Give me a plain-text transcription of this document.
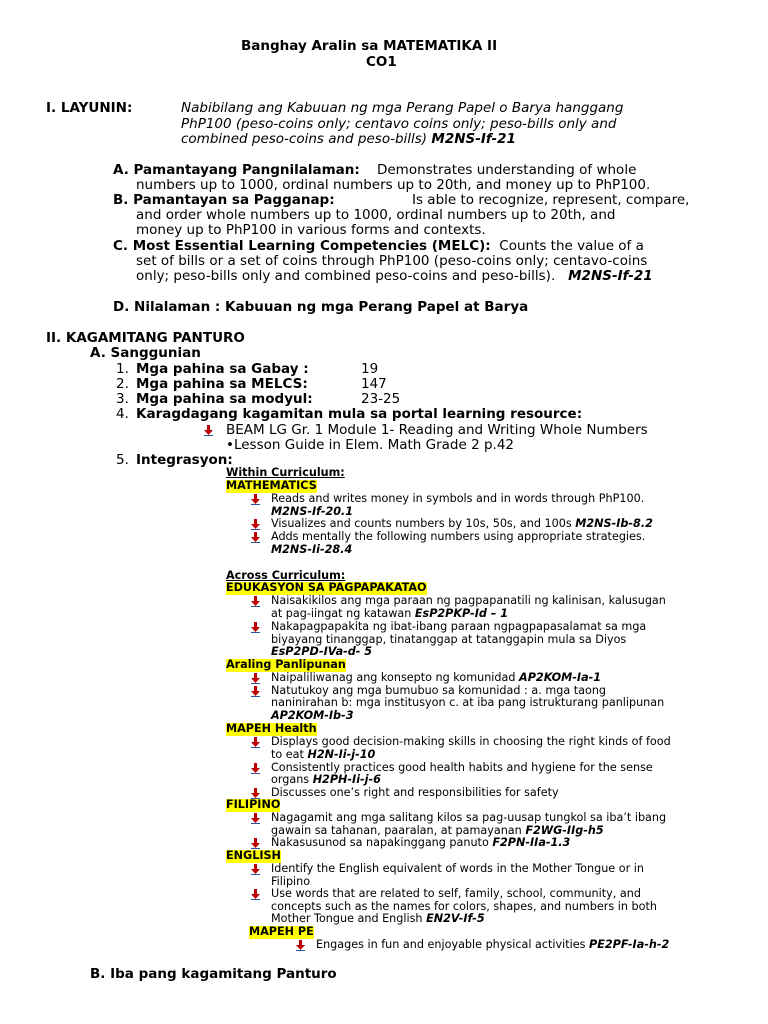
Banghay Aralin sa MATEMATIKA II
CO1
I. LAYUNIN:	Nabibilang ang Kabuuan ng mga Perang Papel o Barya hanggang
PhP100 (peso-coins only; centavo coins only; peso-bills only and
combined peso-coins and peso-bills) M2NS-If-21
A. Pamantayang Pangnilalaman: Demonstrates understanding of whole
numbers up to 1000, ordinal numbers up to 20th, and money up to PhP100.
B. Pamantayan sa Pagganap:	Is able to recognize, represent, compare,
and order whole numbers up to 1000, ordinal numbers up to 20th, and
money up to PhP100 in various forms and contexts.
C. Most Essential Learning Competencies (MELC): Counts the value of a
set of bills or a set of coins through PhP100 (peso-coins only; centavo-coins
only; peso-bills only and combined peso-coins and peso-bills). M2NS-If-21
D. Nilalaman : Kabuuan ng mga Perang Papel at Barya
II. KAGAMITANG PANTURO
A. Sanggunian
1. Mga pahina sa Gabay :	19
2. Mga pahina sa MELCS:	147
3. Mga pahina sa modyul:	23-25
4. Karagdagang kagamitan mula sa portal learning resource:
BEAM LG Gr. 1 Module 1- Reading and Writing Whole Numbers
•Lesson Guide in Elem. Math Grade 2 p.42
5. Integrasyon:
Within Curriculum:
MATHEMATICS
Reads and writes money in symbols and in words through PhP100.
M2NS-If-20.1
Visualizes and counts numbers by 10s, 50s, and 100s M2NS-Ib-8.2
Adds mentally the following numbers using appropriate strategies.
M2NS-Ii-28.4
Across Curriculum:
EDUKASYON SA PAGPAPAKATAO
Naisakikilos ang mga paraan ng pagpapanatili ng kalinisan, kalusugan
at pag-iingat ng katawan EsP2PKP-Id – 1
Nakapagpapakita ng ibat-ibang paraan ngpagpapasalamat sa mga
biyayang tinanggap, tinatanggap at tatanggapin mula sa Diyos
EsP2PD-IVa-d- 5
Araling Panlipunan
Naipaliliwanag ang konsepto ng komunidad AP2KOM-Ia-1
Natutukoy ang mga bumubuo sa komunidad : a. mga taong
naninirahan b: mga institusyon c. at iba pang istrukturang panlipunan
AP2KOM-Ib-3
MAPEH Health
Displays good decision-making skills in choosing the right kinds of food
to eat H2N-Ii-j-10
Consistently practices good health habits and hygiene for the sense
organs H2PH-Ii-j-6
Discusses one’s right and responsibilities for safety
FILIPINO
Nagagamit ang mga salitang kilos sa pag-uusap tungkol sa iba’t ibang
gawain sa tahanan, paaralan, at pamayanan F2WG-IIg-h5
Nakasusunod sa napakinggang panuto F2PN-IIa-1.3
ENGLISH
Identify the English equivalent of words in the Mother Tongue or in
Filipino
Use words that are related to self, family, school, community, and
concepts such as the names for colors, shapes, and numbers in both
Mother Tongue and English EN2V-If-5
MAPEH PE
Engages in fun and enjoyable physical activities PE2PF-Ia-h-2
B. Iba pang kagamitang Panturo
